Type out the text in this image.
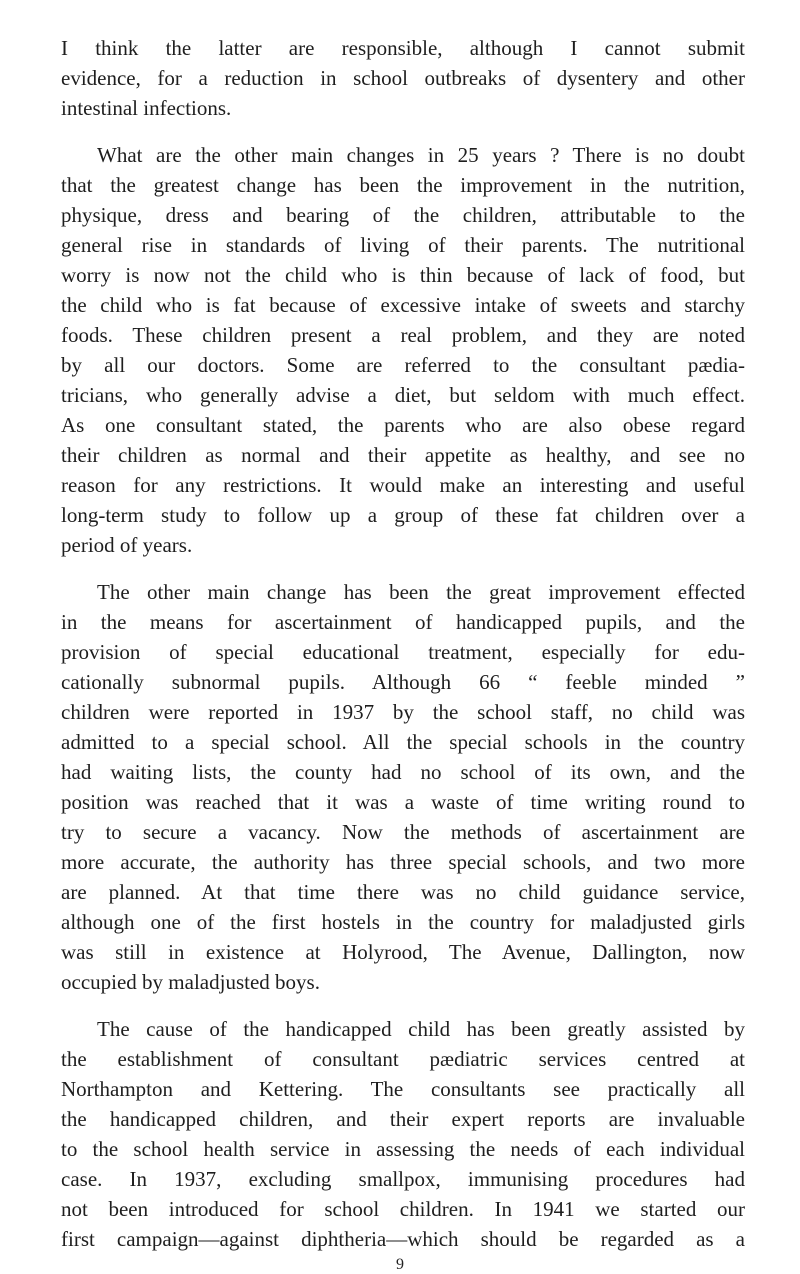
I think the latter are responsible, although I cannot submit
evidence, for a reduction in school outbreaks of dysentery and other
intestinal infections.
What are the other main changes in 25 years ? There is no doubt
that the greatest change has been the improvement in the nutrition,
physique, dress and bearing of the children, attributable to the
general rise in standards of living of their parents. The nutritional
worry is now not the child who is thin because of lack of food, but
the child who is fat because of excessive intake of sweets and starchy
foods. These children present a real problem, and they are noted
by all our doctors. Some are referred to the consultant pædia-
tricians, who generally advise a diet, but seldom with much effect.
As one consultant stated, the parents who are also obese regard
their children as normal and their appetite as healthy, and see no
reason for any restrictions. It would make an interesting and useful
long-term study to follow up a group of these fat children over a
period of years.
The other main change has been the great improvement effected
in the means for ascertainment of handicapped pupils, and the
provision of special educational treatment, especially for edu-
cationally subnormal pupils. Although 66 “ feeble minded ”
children were reported in 1937 by the school staff, no child was
admitted to a special school. All the special schools in the country
had waiting lists, the county had no school of its own, and the
position was reached that it was a waste of time writing round to
try to secure a vacancy. Now the methods of ascertainment are
more accurate, the authority has three special schools, and two more
are planned. At that time there was no child guidance service,
although one of the first hostels in the country for maladjusted girls
was still in existence at Holyrood, The Avenue, Dallington, now
occupied by maladjusted boys.
The cause of the handicapped child has been greatly assisted by
the establishment of consultant pædiatric services centred at
Northampton and Kettering. The consultants see practically all
the handicapped children, and their expert reports are invaluable
to the school health service in assessing the needs of each individual
case. In 1937, excluding smallpox, immunising procedures had
not been introduced for school children. In 1941 we started our
first campaign—against diphtheria—which should be regarded as a
9
